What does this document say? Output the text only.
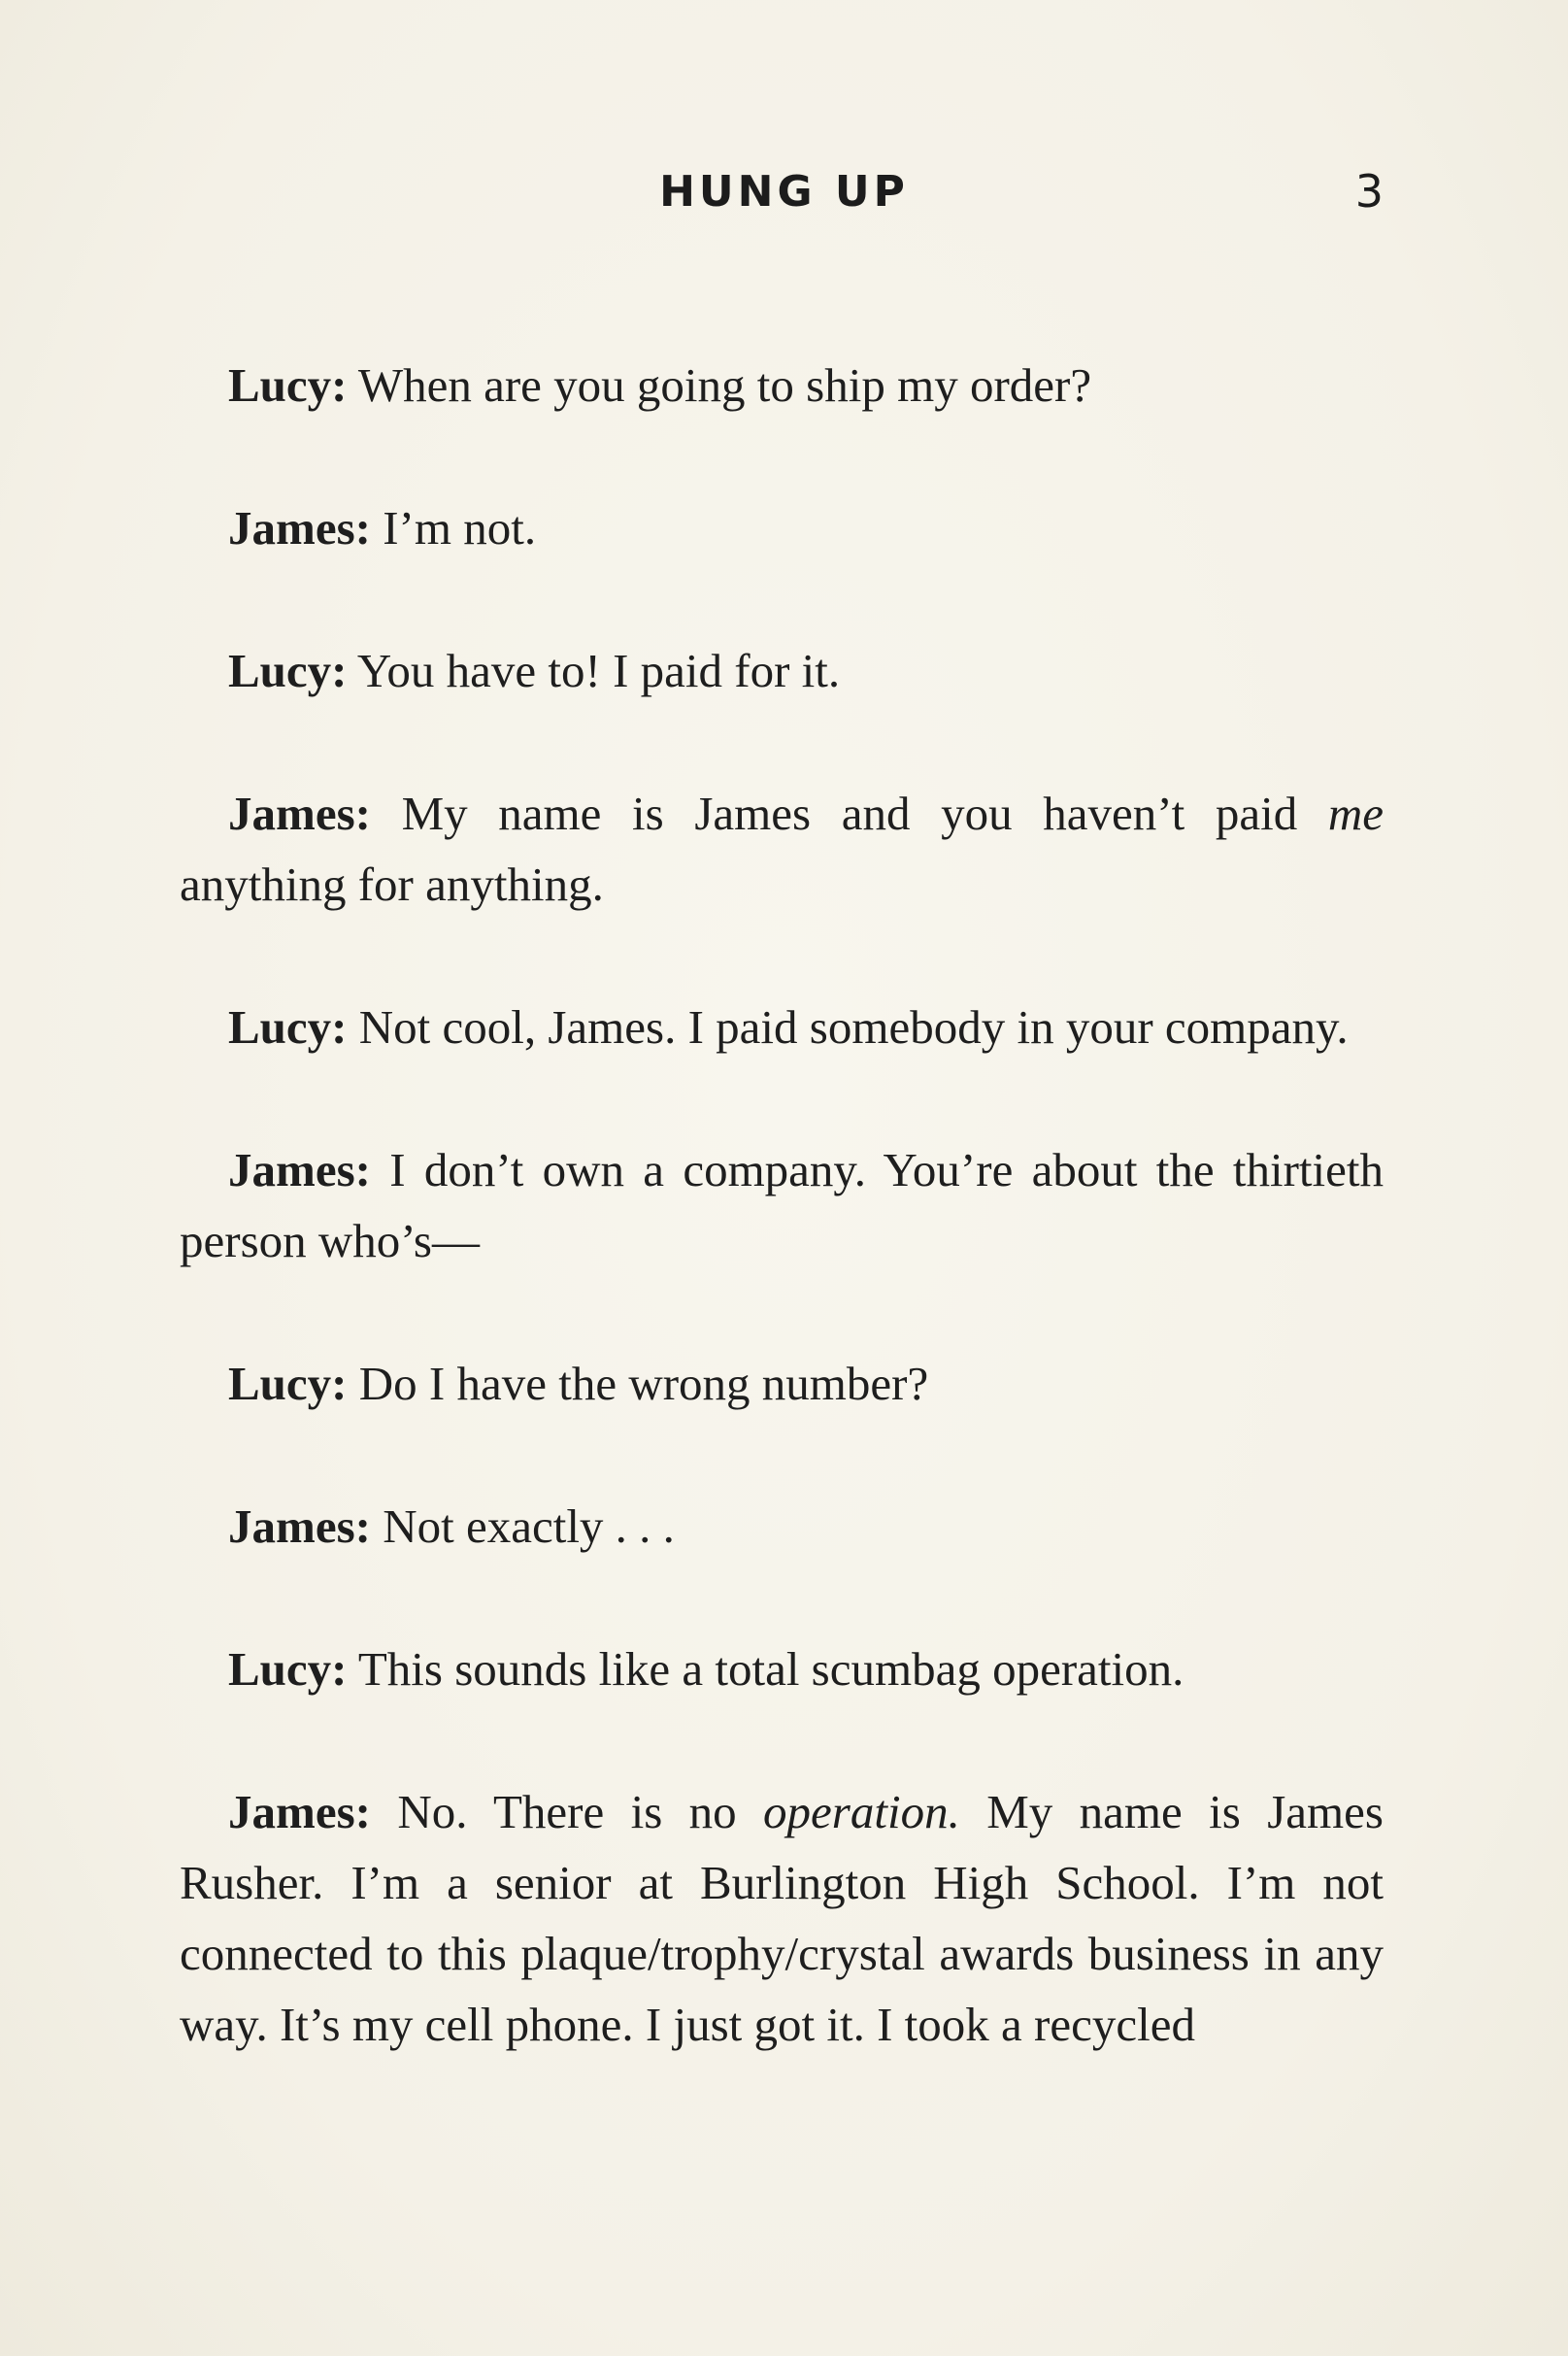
HUNG UP	3

Lucy: When are you going to ship my order?

James: I’m not.

Lucy: You have to! I paid for it.

James: My name is James and you haven’t paid me anything for anything.

Lucy: Not cool, James. I paid somebody in your company.

James: I don’t own a company. You’re about the thirtieth person who’s—

Lucy: Do I have the wrong number?

James: Not exactly . . .

Lucy: This sounds like a total scumbag operation.

James: No. There is no operation. My name is James Rusher. I’m a senior at Burlington High School. I’m not connected to this plaque/trophy/crystal awards business in any way. It’s my cell phone. I just got it. I took a recycled
